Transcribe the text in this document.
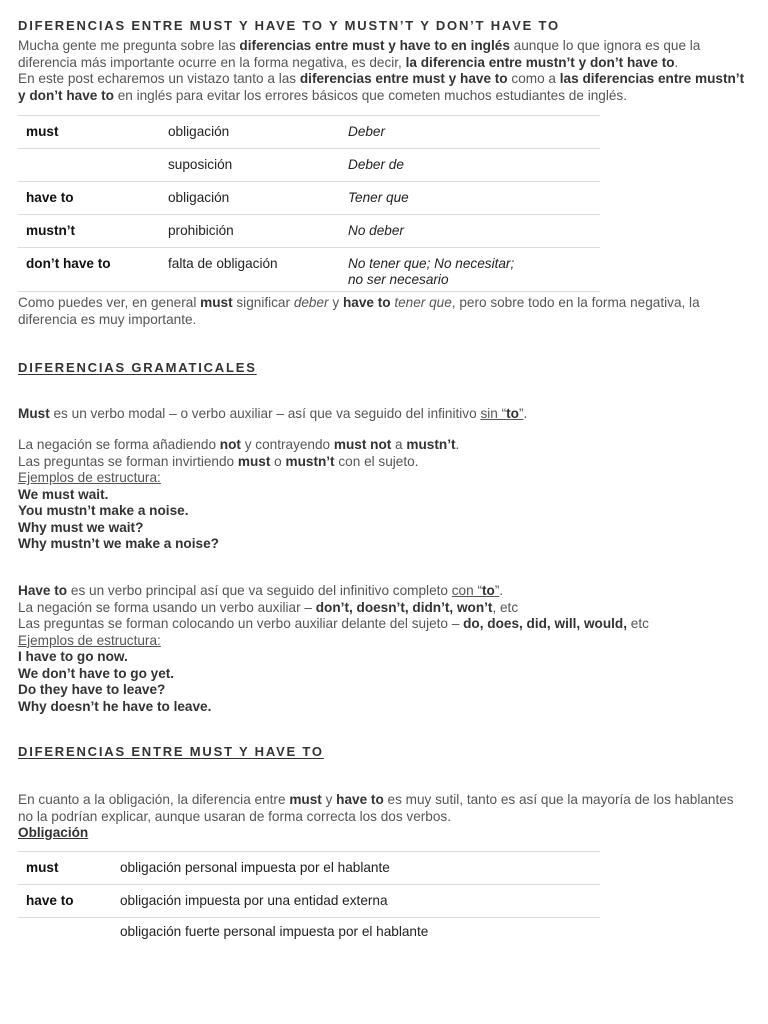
DIFERENCIAS ENTRE MUST Y HAVE TO Y MUSTN’T Y DON’T HAVE TO
Mucha gente me pregunta sobre las diferencias entre must y have to en inglés aunque lo que ignora es que la
diferencia más importante ocurre en la forma negativa, es decir, la diferencia entre mustn’t y don’t have to.
En este post echaremos un vistazo tanto a las diferencias entre must y have to como a las diferencias entre mustn’t
y don’t have to en inglés para evitar los errores básicos que cometen muchos estudiantes de inglés.
must	obligación	Deber
	suposición	Deber de
have to	obligación	Tener que
mustn’t	prohibición	No deber
don’t have to	falta de obligación	No tener que; No necesitar;
no ser necesario
Como puedes ver, en general must significar deber y have to tener que, pero sobre todo en la forma negativa, la
diferencia es muy importante.
DIFERENCIAS GRAMATICALES
Must es un verbo modal – o verbo auxiliar – así que va seguido del infinitivo sin “to”.
La negación se forma añadiendo not y contrayendo must not a mustn’t.
Las preguntas se forman invirtiendo must o mustn’t con el sujeto.
Ejemplos de estructura:
We must wait.
You mustn’t make a noise.
Why must we wait?
Why mustn’t we make a noise?
Have to es un verbo principal así que va seguido del infinitivo completo con “to”.
La negación se forma usando un verbo auxiliar – don’t, doesn’t, didn’t, won’t, etc
Las preguntas se forman colocando un verbo auxiliar delante del sujeto – do, does, did, will, would, etc
Ejemplos de estructura:
I have to go now.
We don’t have to go yet.
Do they have to leave?
Why doesn’t he have to leave.
DIFERENCIAS ENTRE MUST Y HAVE TO
En cuanto a la obligación, la diferencia entre must y have to es muy sutil, tanto es así que la mayoría de los hablantes
no la podrían explicar, aunque usaran de forma correcta los dos verbos.
Obligación
must	obligación personal impuesta por el hablante
have to	obligación impuesta por una entidad externa
	obligación fuerte personal impuesta por el hablante
